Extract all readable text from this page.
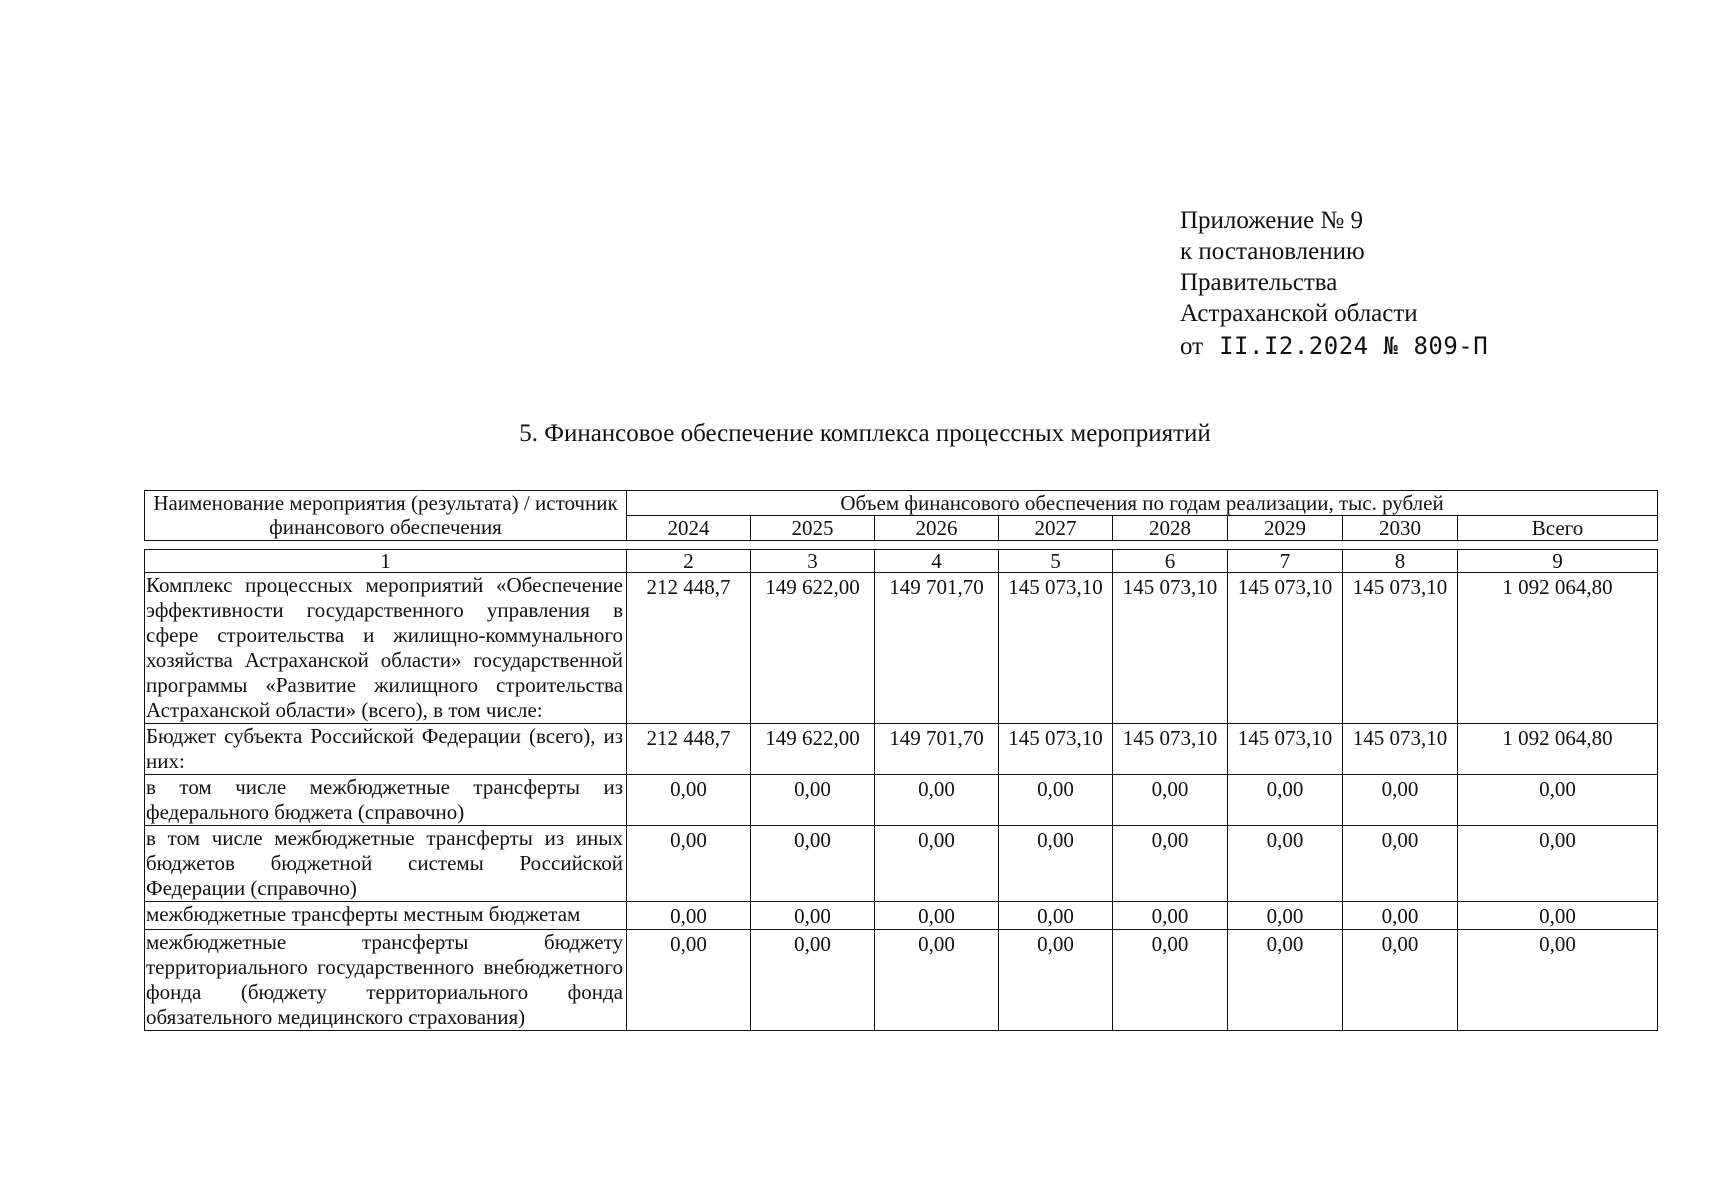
Приложение № 9
к постановлению
Правительства
Астраханской области
от II.I2.2024 № 809-П
5. Финансовое обеспечение комплекса процессных мероприятий
Наименование мероприятия (результата) / источник финансового обеспечения	Объем финансового обеспечения по годам реализации, тыс. рублей							
	2024	2025	2026	2027	2028	2029	2030	Всего

1	2	3	4	5	6	7	8	9
Комплекс процессных мероприятий «Обеспечение эффективности государственного управления в сфере строительства и жилищно-коммунального хозяйства Астраханской области» государственной программы «Развитие жилищного строительства Астраханской области» (всего), в том числе:	212 448,7	149 622,00	149 701,70	145 073,10	145 073,10	145 073,10	145 073,10	1 092 064,80
Бюджет субъекта Российской Федерации (всего), из них:	212 448,7	149 622,00	149 701,70	145 073,10	145 073,10	145 073,10	145 073,10	1 092 064,80
в том числе межбюджетные трансферты из федерального бюджета (справочно)	0,00	0,00	0,00	0,00	0,00	0,00	0,00	0,00
в том числе межбюджетные трансферты из иных бюджетов бюджетной системы Российской Федерации (справочно)	0,00	0,00	0,00	0,00	0,00	0,00	0,00	0,00
межбюджетные трансферты местным бюджетам	0,00	0,00	0,00	0,00	0,00	0,00	0,00	0,00
межбюджетные трансферты бюджету территориального государственного внебюджетного фонда (бюджету территориального фонда обязательного медицинского страхования)	0,00	0,00	0,00	0,00	0,00	0,00	0,00	0,00
